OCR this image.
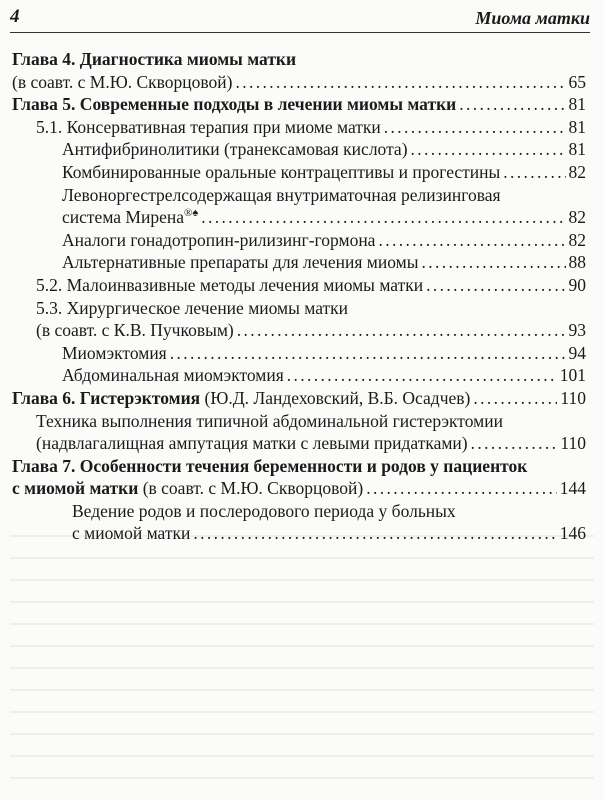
4	Миома матки
Глава 4. Диагностика миомы матки
(в соавт. с М.Ю. Скворцовой) . . .	65
Глава 5. Современные подходы в лечении миомы матки . . .	81
5.1. Консервативная терапия при миоме матки . . .	81
Антифибринолитики (транексамовая кислота) . . .	81
Комбинированные оральные контрацептивы и прогестины . . .	82
Левоноргестрелсодержащая внутриматочная релизинговая
система Мирена®♠ . . .	82
Аналоги гонадотропин-рилизинг-гормона . . .	82
Альтернативные препараты для лечения миомы . . .	88
5.2. Малоинвазивные методы лечения миомы матки . . .	90
5.3. Хирургическое лечение миомы матки
(в соавт. с К.В. Пучковым) . . .	93
Миомэктомия . . .	94
Абдоминальная миомэктомия . . .	101
Глава 6. Гистерэктомия
(Ю.Д. Ландеховский, В.Б. Осадчев) . . .	110
Техника выполнения типичной абдоминальной гистерэктомии
(надвлагалищная ампутация матки с левыми придатками) . . .	110
Глава 7. Особенности течения беременности и родов у пациенток
с миомой матки
(в соавт. с М.Ю. Скворцовой) . . .	144
Ведение родов и послеродового периода у больных
с миомой матки . . .	146
